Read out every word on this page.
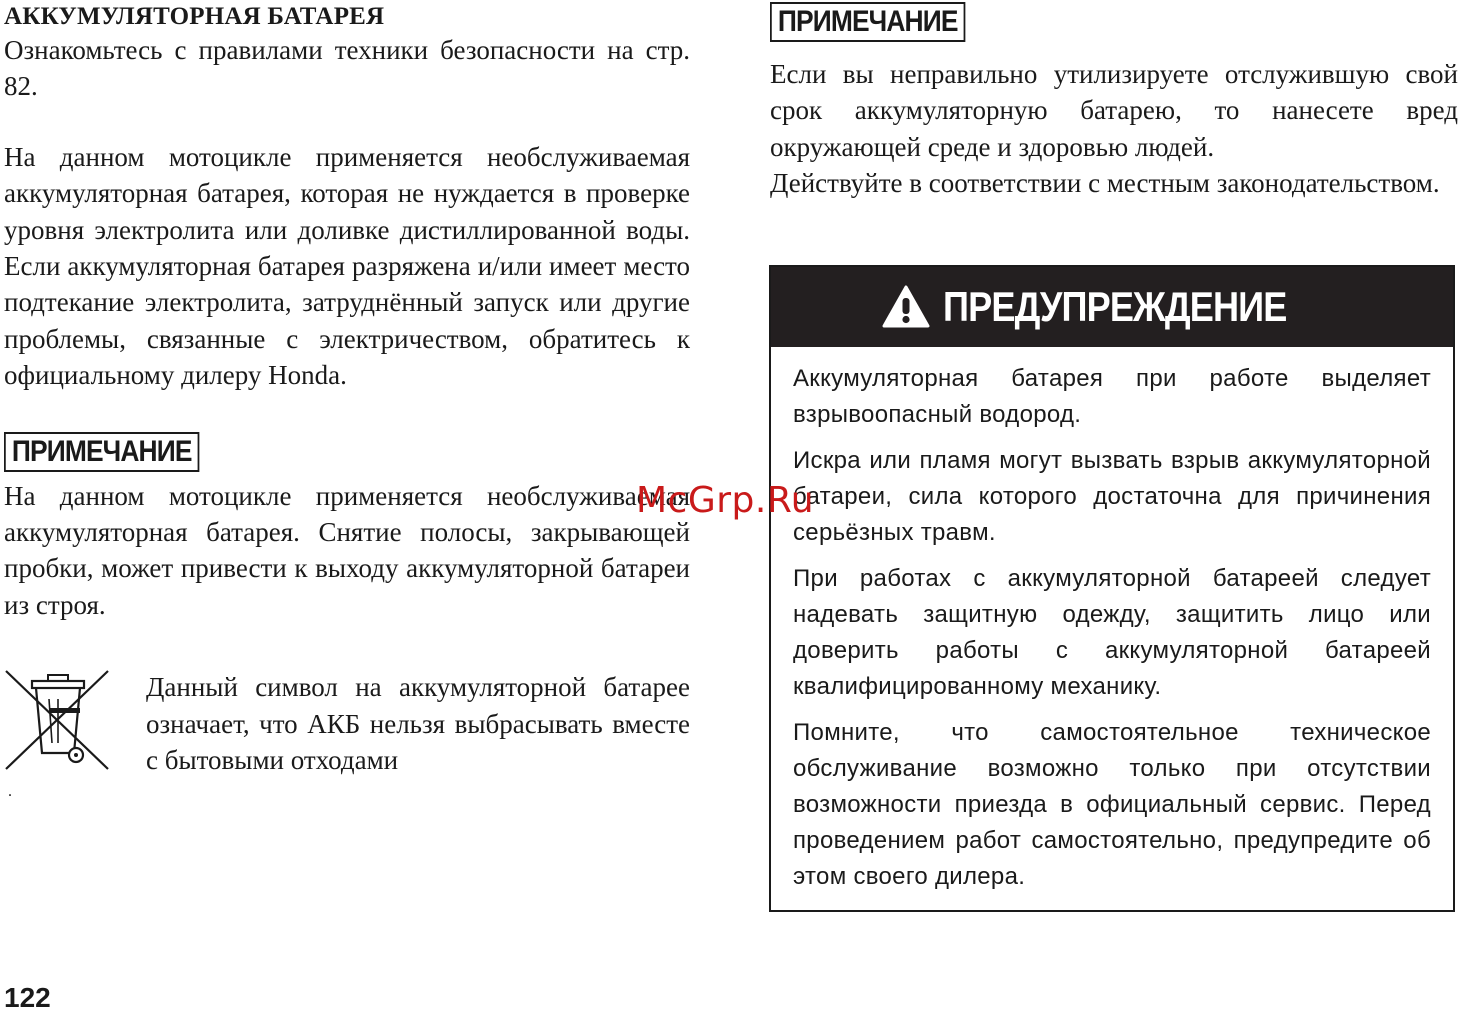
АККУМУЛЯТОРНАЯ БАТАРЕЯ

Ознакомьтесь с правилами техники безопасности на стр. 82.

На данном мотоцикле применяется необслуживаемая аккумуляторная батарея, которая не нуждается в проверке уровня электролита или доливке дистиллированной воды. Если аккумуляторная батарея разряжена и/или имеет место подтекание электролита, затруднённый запуск или другие проблемы, связанные с электричеством, обратитесь к официальному дилеру Honda.

ПРИМЕЧАНИЕ

На данном мотоцикле применяется необслуживаемая аккумуляторная батарея. Снятие полосы, закрывающей пробки, может привести к выходу аккумуляторной батареи из строя.

Данный символ на аккумуляторной батарее означает, что АКБ нельзя выбрасывать вместе с бытовыми отходами
.
ПРИМЕЧАНИЕ

Если вы неправильно утилизируете отслужившую свой срок аккумуляторную батарею, то нанесете вред окружающей среде и здоровью людей.

Действуйте в соответствии с местным законодательством.

ПРЕДУПРЕЖДЕНИЕ

Аккумуляторная батарея при работе выделяет взрывоопасный водород.

Искра или пламя могут вызвать взрыв аккумуляторной батареи, сила которого достаточна для причинения серьёзных травм.

При работах с аккумуляторной батареей следует надевать защитную одежду, защитить лицо или доверить работы с аккумуляторной батареей квалифицированному механику.

Помните, что самостоятельное техническое обслуживание возможно только при отсутствии возможности приезда в официальный сервис. Перед проведением работ самостоятельно, предупредите об этом своего дилера.

McGrp.Ru
122
